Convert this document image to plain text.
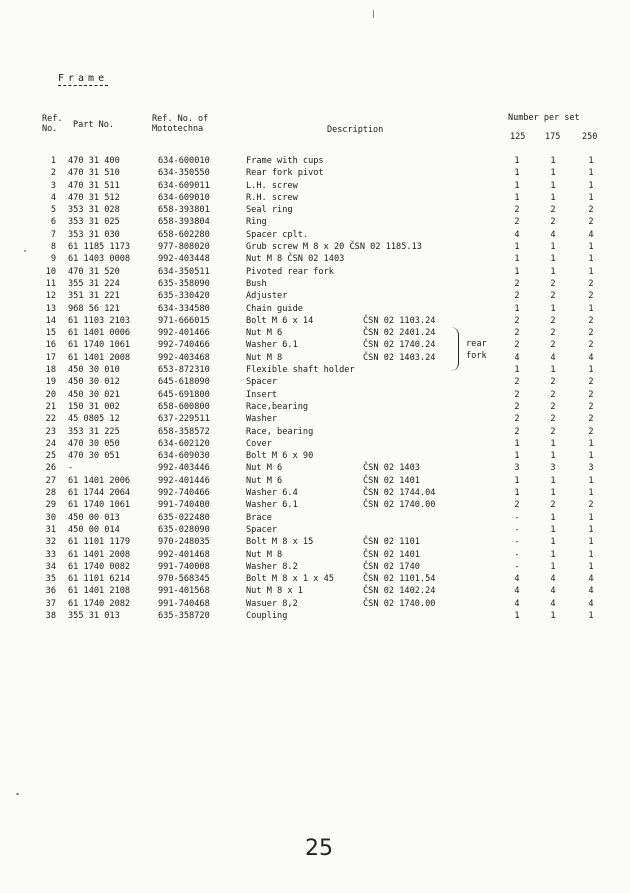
Frame
Ref. No.	Part No.
Ref. No. of Mototechna	Description
Number per set
125 175	250
1 470 31 400	634-600010	Frame with cups	1	1	1
2 470 31 510	634-350550	Rear fork pivot	1	1	1
3 470 31 511	634-609011	L.H. screw	1	1	1
4 470 31 512	634-609010	R.H. screw	1	1	1
5 353 31 028	658-393801	Seal ring	2	2	2
6 353 31 025	658-393804	Ring	2	2	2
7 353 31 030	658-602280	Spacer cplt.	4	4	4
8 61 1185 1173	977-808020	Grub screw M 8 x 20 ČSN 02 1185.13	1	1	1
9 61 1403 0008	992-403448	Nut M 8 ČSN 02 1403	1	1	1
10 470 31 520	634-350511	Pivoted rear fork	1	1	1
11 355 31 224	635-358090	Bush	2	2	2
12 351 31 221	635-330420	Adjuster	2	2	2
13 968 56 121	634-334580	Chain guide	1	1	1
14 61 1103 2103	971-666015	Bolt M 6 x 14	ČSN 02 1103.24	2	2	2
15 61 1401 0006	992-401466	Nut M 6	ČSN 02 2401.24	2	2	2
16 61 1740 1061	992-740466	Washer 6.1	ČSN 02 1740.24	2	2	2
17 61 1401 2008	992-403468	Nut M 8	ČSN 02 1403.24	4	4	4
18 450 30 010	653-872310	Flexible shaft holder	1	1	1
19 450 30 012	645-618090	Spacer	2	2	2
20 450 30 021	645-691800	Insert	2	2	2
21 150 31 002	658-600800	Race,bearing	2	2	2
22 45 0805 12	637-229511	Washer	2	2	2
23 353 31 225	658-358572	Race, bearing	2	2	2
24 470 30 050	634-602120	Cover	1	1	1
25 470 30 051	634-609030	Bolt M 6 x 90	1	1	1
26 -	992-403446	Nut M 6	ČSN 02 1403	3	3	3
27 61 1401 2006	992-401446	Nut M 6	ČSN 02 1401	1	1	1
28 61 1744 2064	992-740466	Washer 6.4	ČSN 02 1744.04	1	1	1
29 61 1740 1061	991-740400	Washer 6.1	ČSN 02 1740.00	2	2	2
30 450 00 013	635-022480	Brace	-	1	1
31 450 00 014	635-028090	Spacer	-	1	1
32 61 1101 1179	970-248035	Bolt M 8 x 15	ČSN 02 1101	-	1	1
33 61 1401 2008	992-401468	Nut M 8	ČSN 02 1401	-	1	1
34 61 1740 0082	991-740008	Washer 8.2	ČSN 02 1740	-	1	1
35 61 1101 6214	970-568345	Bolt M 8 x 1 x 45	ČSN 02 1101.54	4	4	4
36 61 1401 2108	991-401568	Nut M 8 x 1	ČSN 02 1402.24	4	4	4
37 61 1740 2082	991-740468	Wasuer 8,2	ČSN 02 1740.00	4	4	4
38 355 31 013	635-358720	Coupling	1	1	1
rear fork
25
